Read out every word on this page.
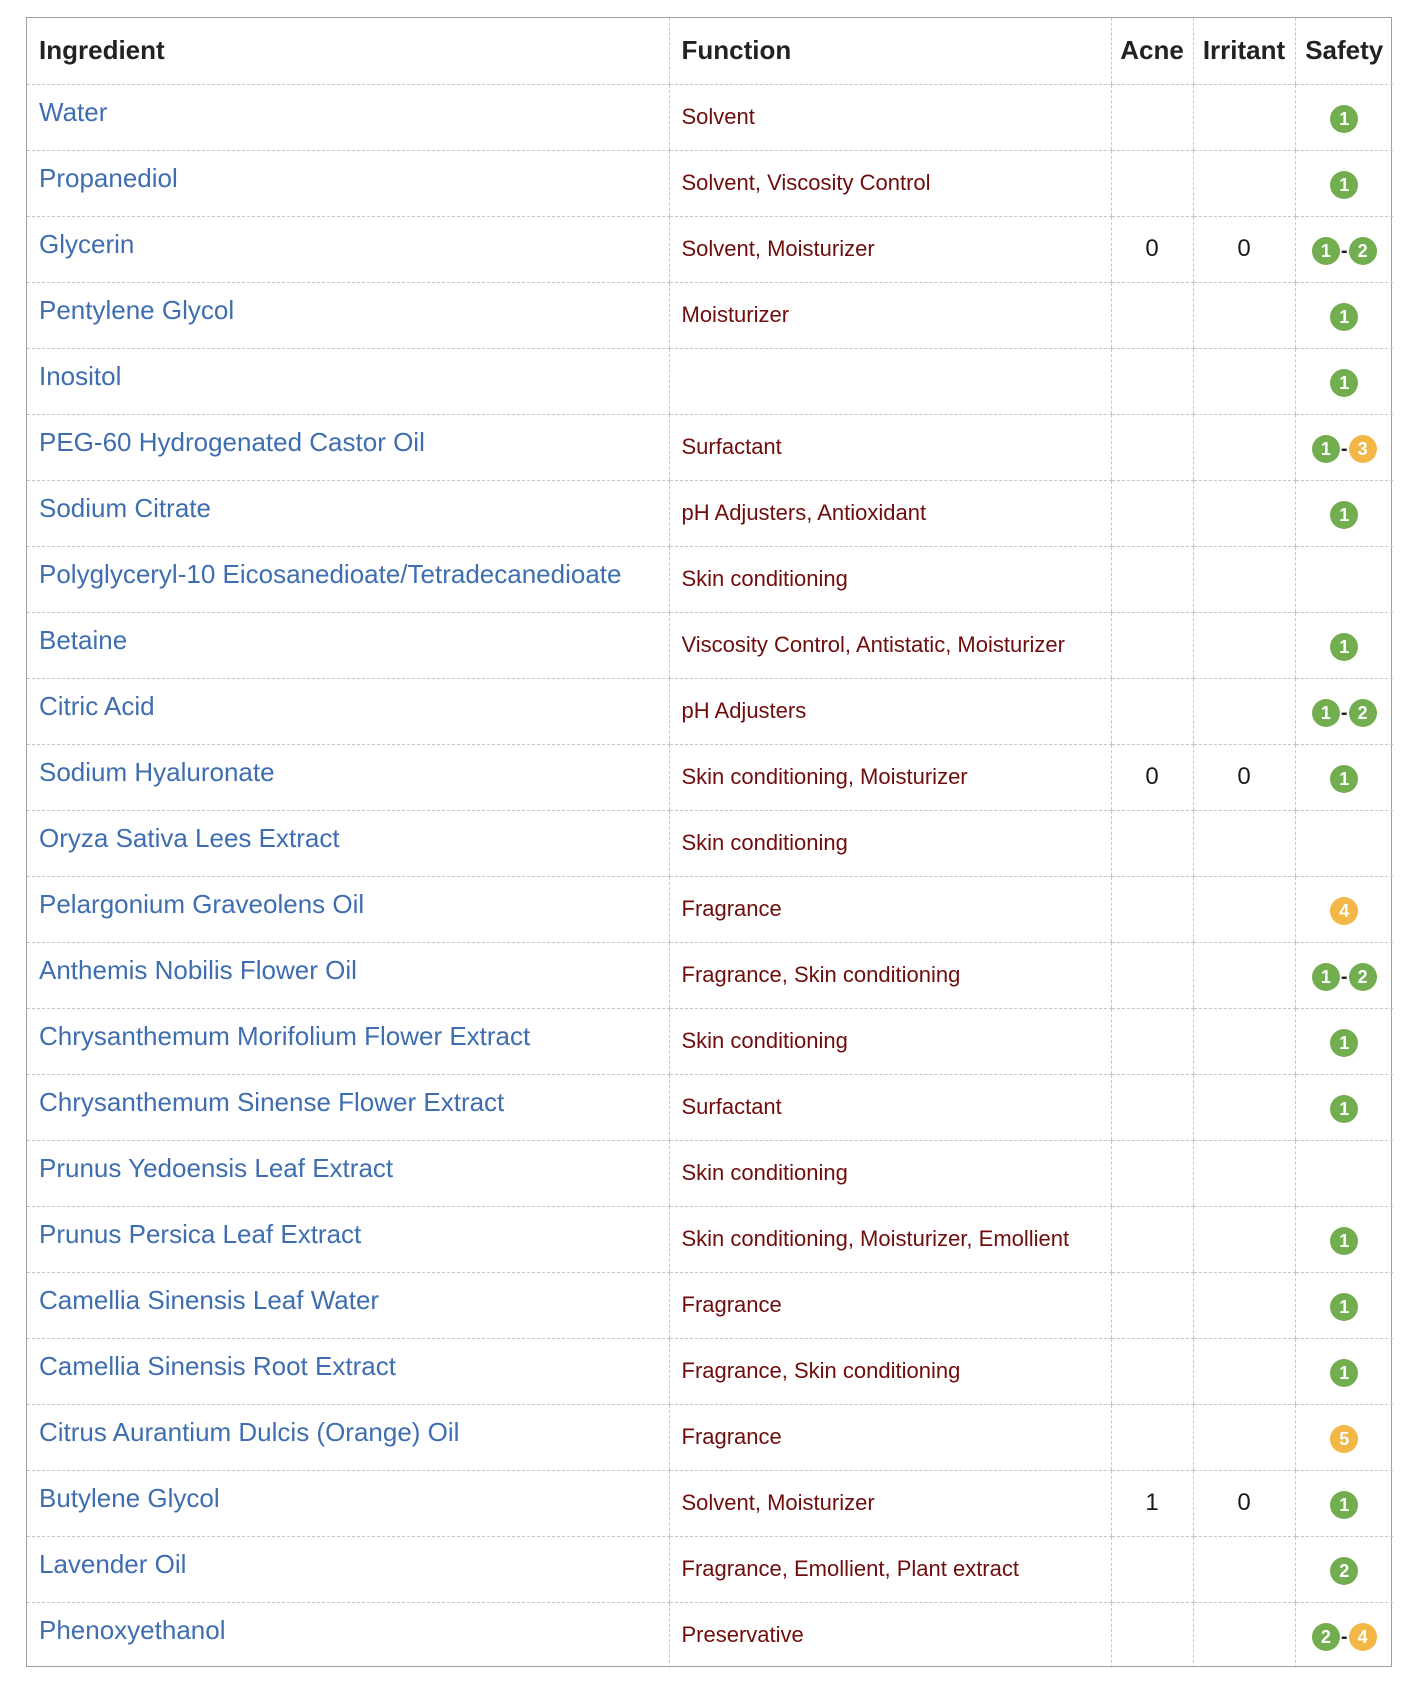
Ingredient	Function	Acne	Irritant	Safety
Water	Solvent			1
Propanediol	Solvent, Viscosity Control			1
Glycerin	Solvent, Moisturizer	0	0	1 - 2
Pentylene Glycol	Moisturizer			1
Inositol				1
PEG-60 Hydrogenated Castor Oil	Surfactant			1 - 3
Sodium Citrate	pH Adjusters, Antioxidant			1
Polyglyceryl-10 Eicosanedioate/Tetradecanedioate	Skin conditioning			
Betaine	Viscosity Control, Antistatic, Moisturizer			1
Citric Acid	pH Adjusters			1 - 2
Sodium Hyaluronate	Skin conditioning, Moisturizer	0	0	1
Oryza Sativa Lees Extract	Skin conditioning			
Pelargonium Graveolens Oil	Fragrance			4
Anthemis Nobilis Flower Oil	Fragrance, Skin conditioning			1 - 2
Chrysanthemum Morifolium Flower Extract	Skin conditioning			1
Chrysanthemum Sinense Flower Extract	Surfactant			1
Prunus Yedoensis Leaf Extract	Skin conditioning			
Prunus Persica Leaf Extract	Skin conditioning, Moisturizer, Emollient			1
Camellia Sinensis Leaf Water	Fragrance			1
Camellia Sinensis Root Extract	Fragrance, Skin conditioning			1
Citrus Aurantium Dulcis (Orange) Oil	Fragrance			5
Butylene Glycol	Solvent, Moisturizer	1	0	1
Lavender Oil	Fragrance, Emollient, Plant extract			2
Phenoxyethanol	Preservative			2 - 4
